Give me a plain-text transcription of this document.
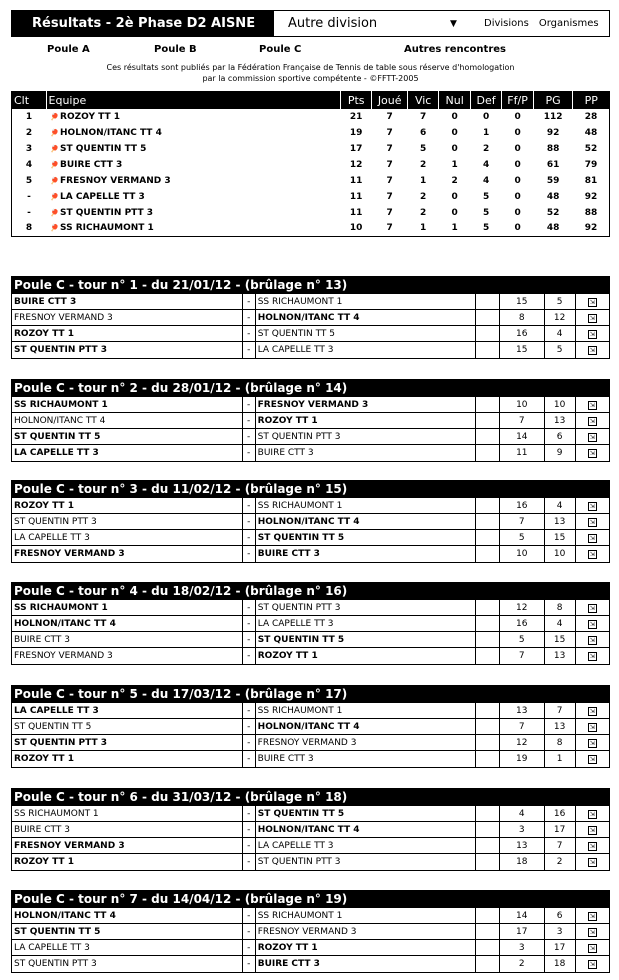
Résultats - 2è Phase D2 AISNE	Autre division	▼	Divisions Organismes
Poule A	Poule B	Poule C	Autres rencontres
Ces résultats sont publiés par la Fédération Française de Tennis de table sous réserve d'homologation
par la commission sportive compétente - ©FFTT-2005
Clt	Equipe	Pts	Joué	Vic	Nul	Def	Ff/P	PG	PP
1	🏓ROZOY TT 1	21	7	7	0	0	0	112	28
2	🏓HOLNON/ITANC TT 4	19	7	6	0	1	0	92	48
3	🏓ST QUENTIN TT 5	17	7	5	0	2	0	88	52
4	🏓BUIRE CTT 3	12	7	2	1	4	0	61	79
5	🏓FRESNOY VERMAND 3	11	7	1	2	4	0	59	81
-	🏓LA CAPELLE TT 3	11	7	2	0	5	0	48	92
-	🏓ST QUENTIN PTT 3	11	7	2	0	5	0	52	88
8	🏓SS RICHAUMONT 1	10	7	1	1	5	0	48	92
Poule C - tour n° 1 - du 21/01/12 - (brûlage n° 13)
BUIRE CTT 3	-	SS RICHAUMONT 1		15	5	⇲
FRESNOY VERMAND 3	-	HOLNON/ITANC TT 4		8	12	⇲
ROZOY TT 1	-	ST QUENTIN TT 5		16	4	⇲
ST QUENTIN PTT 3	-	LA CAPELLE TT 3		15	5	⇲
Poule C - tour n° 2 - du 28/01/12 - (brûlage n° 14)
SS RICHAUMONT 1	-	FRESNOY VERMAND 3		10	10	⇲
HOLNON/ITANC TT 4	-	ROZOY TT 1		7	13	⇲
ST QUENTIN TT 5	-	ST QUENTIN PTT 3		14	6	⇲
LA CAPELLE TT 3	-	BUIRE CTT 3		11	9	⇲
Poule C - tour n° 3 - du 11/02/12 - (brûlage n° 15)
ROZOY TT 1	-	SS RICHAUMONT 1		16	4	⇲
ST QUENTIN PTT 3	-	HOLNON/ITANC TT 4		7	13	⇲
LA CAPELLE TT 3	-	ST QUENTIN TT 5		5	15	⇲
FRESNOY VERMAND 3	-	BUIRE CTT 3		10	10	⇲
Poule C - tour n° 4 - du 18/02/12 - (brûlage n° 16)
SS RICHAUMONT 1	-	ST QUENTIN PTT 3		12	8	⇲
HOLNON/ITANC TT 4	-	LA CAPELLE TT 3		16	4	⇲
BUIRE CTT 3	-	ST QUENTIN TT 5		5	15	⇲
FRESNOY VERMAND 3	-	ROZOY TT 1		7	13	⇲
Poule C - tour n° 5 - du 17/03/12 - (brûlage n° 17)
LA CAPELLE TT 3	-	SS RICHAUMONT 1		13	7	⇲
ST QUENTIN TT 5	-	HOLNON/ITANC TT 4		7	13	⇲
ST QUENTIN PTT 3	-	FRESNOY VERMAND 3		12	8	⇲
ROZOY TT 1	-	BUIRE CTT 3		19	1	⇲
Poule C - tour n° 6 - du 31/03/12 - (brûlage n° 18)
SS RICHAUMONT 1	-	ST QUENTIN TT 5		4	16	⇲
BUIRE CTT 3	-	HOLNON/ITANC TT 4		3	17	⇲
FRESNOY VERMAND 3	-	LA CAPELLE TT 3		13	7	⇲
ROZOY TT 1	-	ST QUENTIN PTT 3		18	2	⇲
Poule C - tour n° 7 - du 14/04/12 - (brûlage n° 19)
HOLNON/ITANC TT 4	-	SS RICHAUMONT 1		14	6	⇲
ST QUENTIN TT 5	-	FRESNOY VERMAND 3		17	3	⇲
LA CAPELLE TT 3	-	ROZOY TT 1		3	17	⇲
ST QUENTIN PTT 3	-	BUIRE CTT 3		2	18	⇲
